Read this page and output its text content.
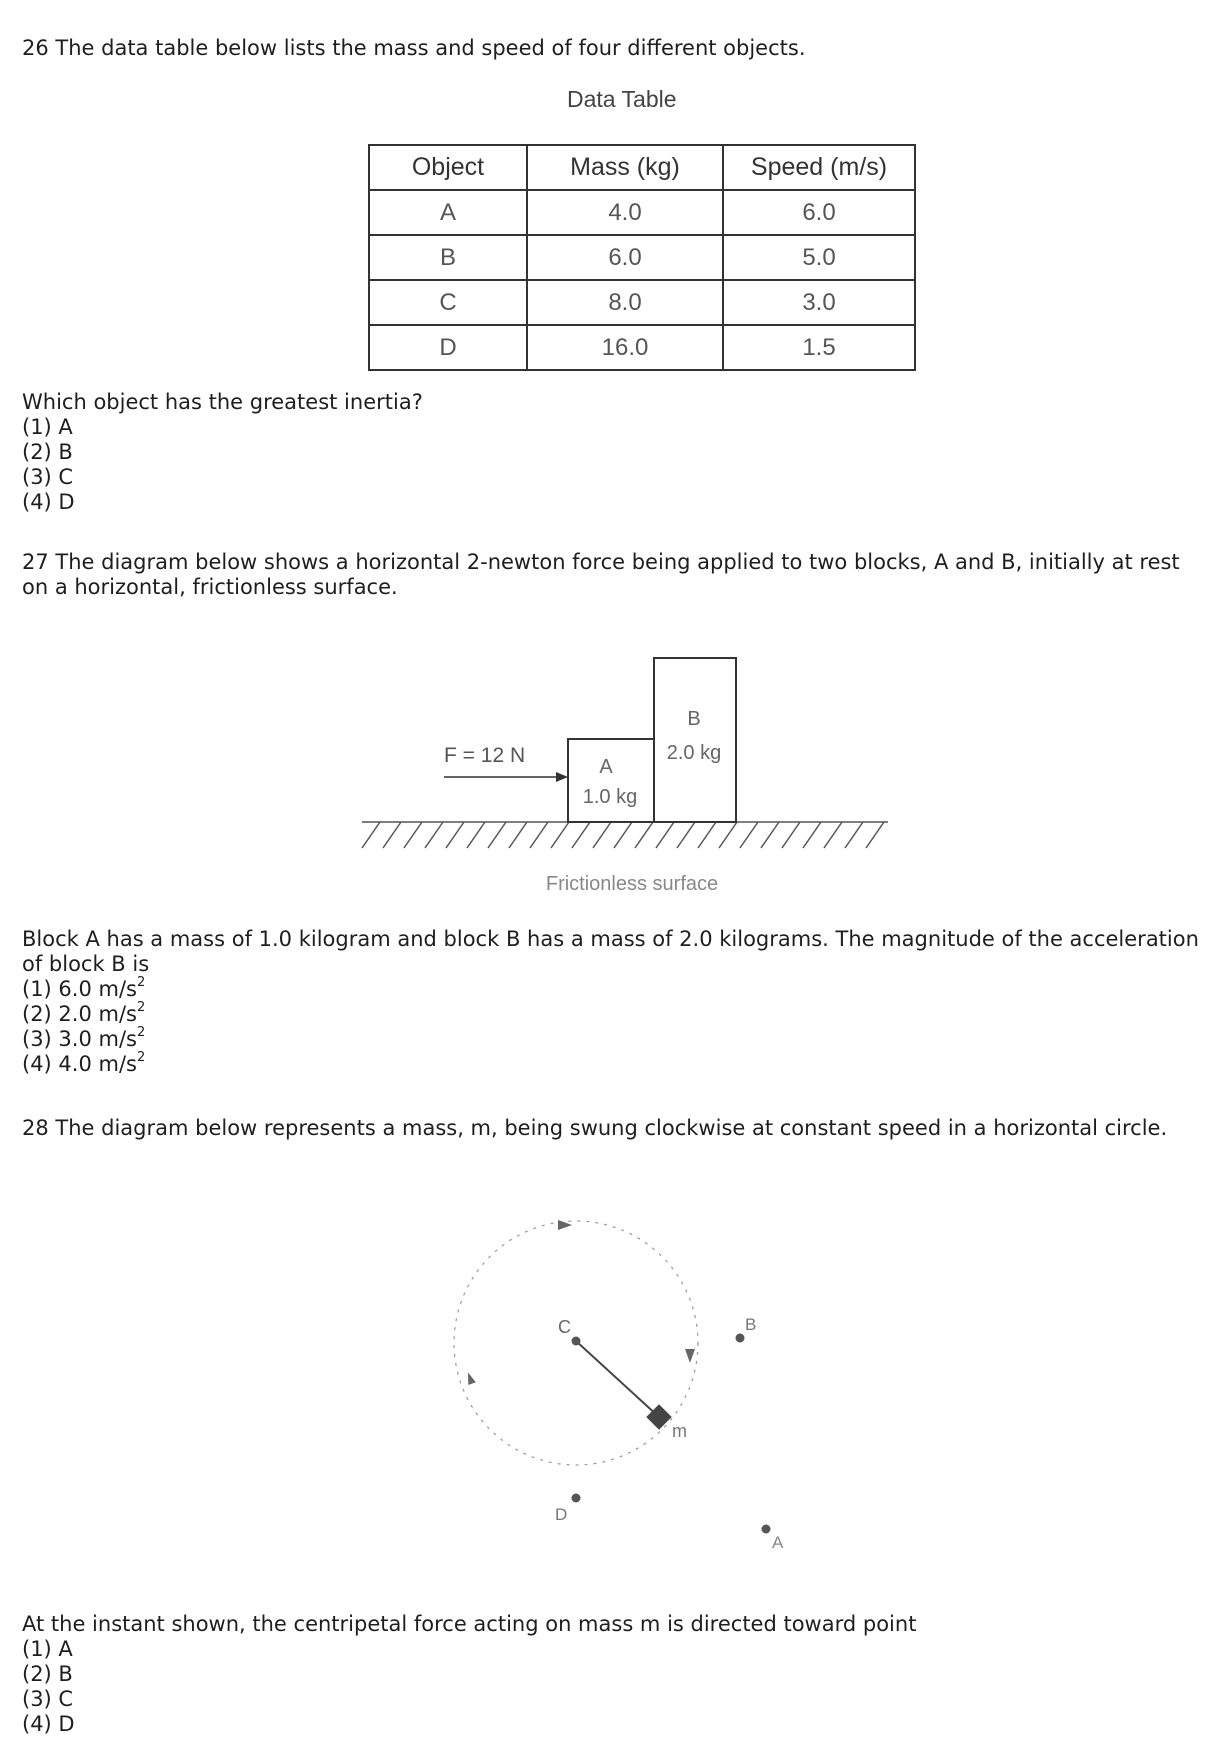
26 The data table below lists the mass and speed of four different objects.

Data Table
Object	Mass (kg)	Speed (m/s)
A	4.0	6.0
B	6.0	5.0
C	8.0	3.0
D	16.0	1.5

Which object has the greatest inertia?

(1) A

(2) B

(3) C

(4) D

27 The diagram below shows a horizontal 2-newton force being applied to two blocks, A and B, initially at rest on a horizontal, frictionless surface.

F = 12 N	A
1.0 kg
B
2.0 kg
Frictionless surface
C
m
B
D
A

Block A has a mass of 1.0 kilogram and block B has a mass of 2.0 kilograms. The magnitude of the acceleration of block B is

(1) 6.0 $m/s^2$

(2) 2.0 $m/s^2$

(3) 3.0 $m/s^2$

(4) 4.0 $m/s^2$

28 The diagram below represents a mass, m, being swung clockwise at constant speed in a horizontal circle.

At the instant shown, the centripetal force acting on mass m is directed toward point

(1) A

(2) B

(3) C

(4) D
